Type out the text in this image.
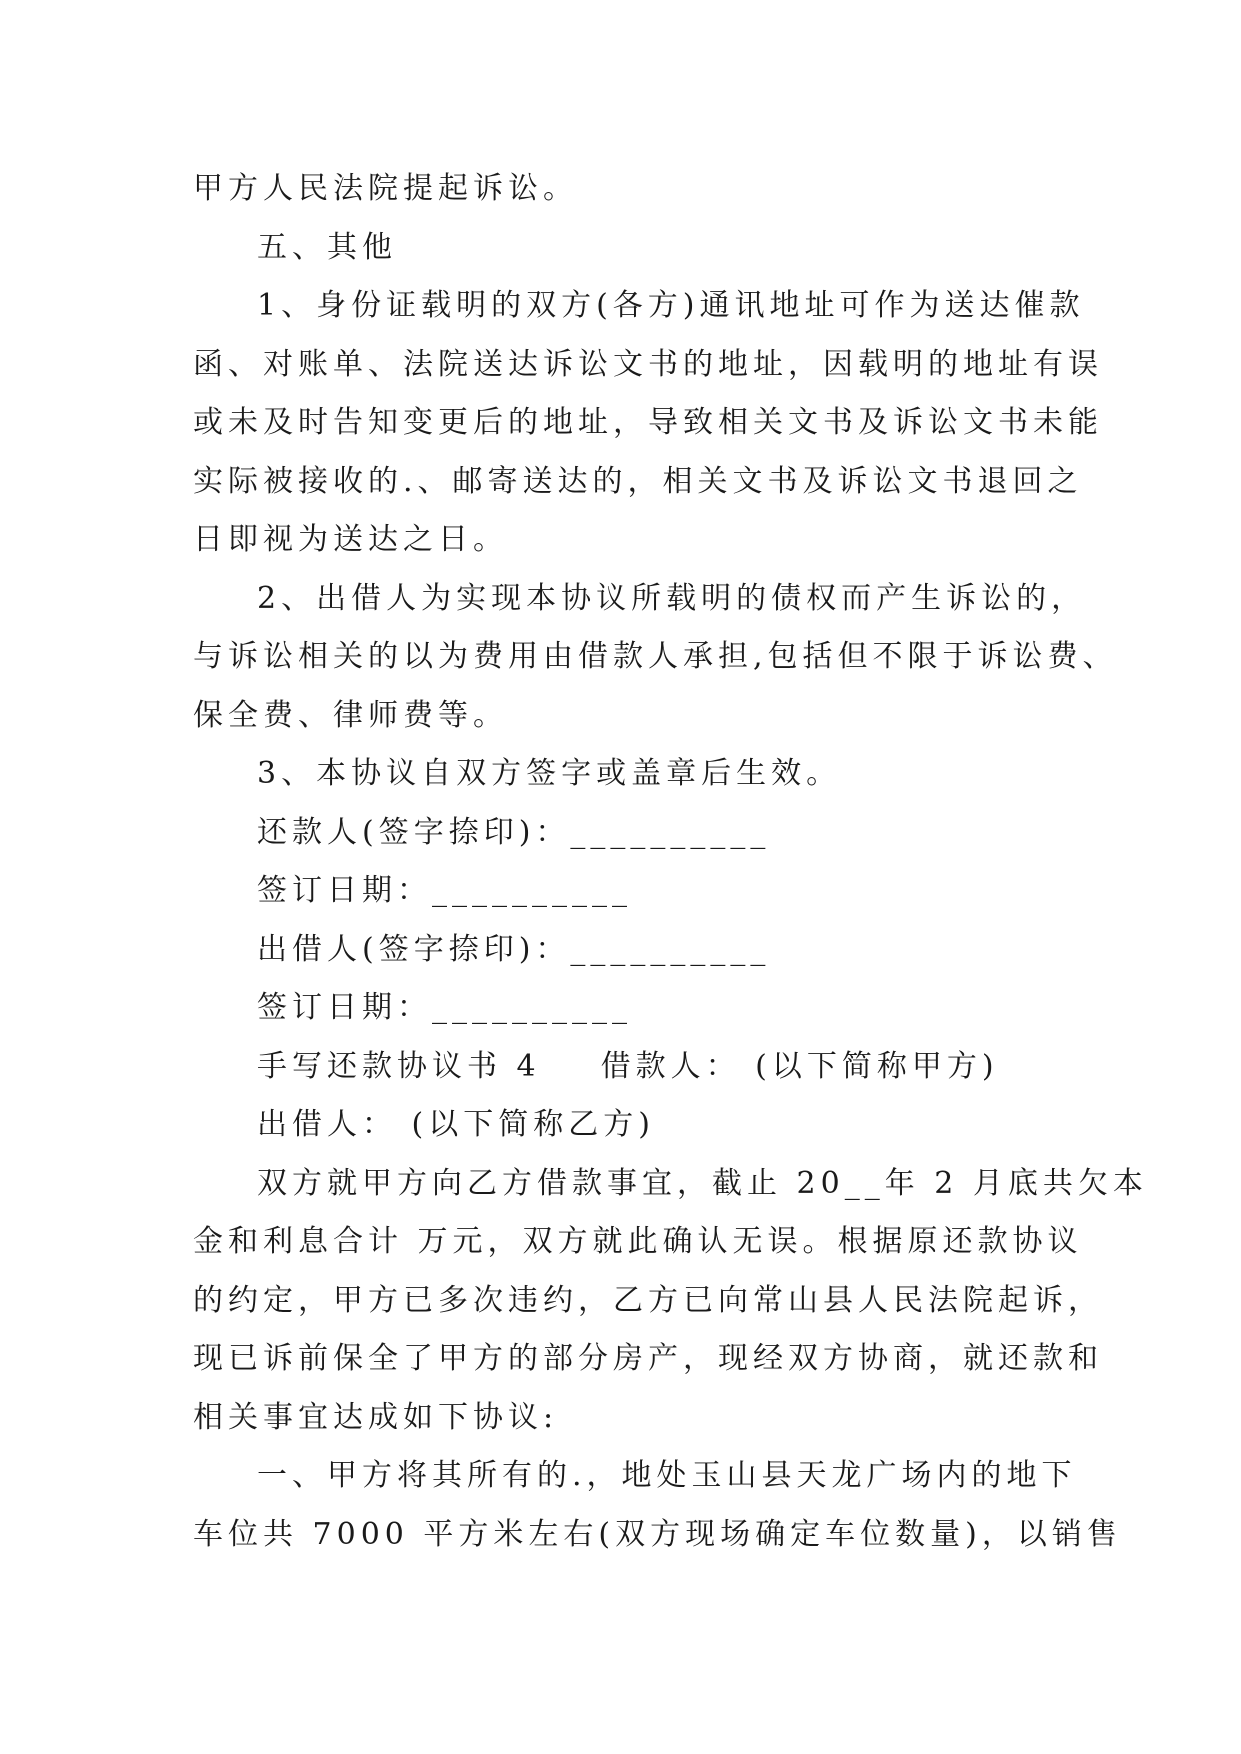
甲方人民法院提起诉讼。
五、其他
1、身份证载明的双方(各方)通讯地址可作为送达催款
函、对账单、法院送达诉讼文书的地址，因载明的地址有误
或未及时告知变更后的地址，导致相关文书及诉讼文书未能
实际被接收的.、邮寄送达的，相关文书及诉讼文书退回之
日即视为送达之日。
2、出借人为实现本协议所载明的债权而产生诉讼的，
与诉讼相关的以为费用由借款人承担,包括但不限于诉讼费、
保全费、律师费等。
3、本协议自双方签字或盖章后生效。
还款人(签字捺印)：__________
签订日期：__________
出借人(签字捺印)：__________
签订日期：__________
手写还款协议书 4 借款人： (以下简称甲方)
出借人： (以下简称乙方)
双方就甲方向乙方借款事宜，截止 20__年 2 月底共欠本
金和利息合计 万元，双方就此确认无误。根据原还款协议
的约定，甲方已多次违约，乙方已向常山县人民法院起诉，
现已诉前保全了甲方的部分房产，现经双方协商，就还款和
相关事宜达成如下协议:
一、甲方将其所有的.，地处玉山县天龙广场内的地下
车位共 7000 平方米左右(双方现场确定车位数量)，以销售
